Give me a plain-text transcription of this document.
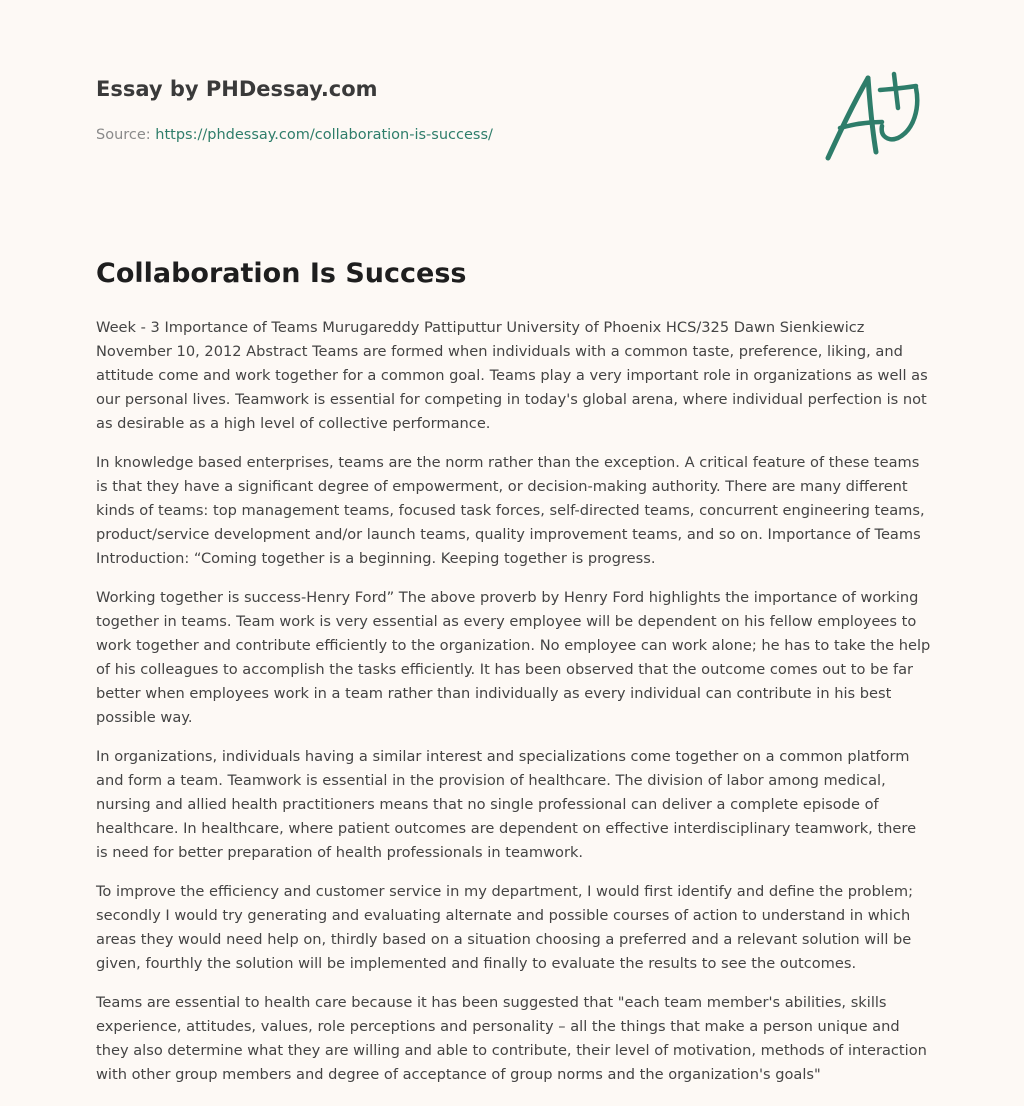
Essay by PHDessay.com
Source: https://phdessay.com/collaboration-is-success/
Collaboration Is Success

Week - 3 Importance of Teams Murugareddy Pattiputtur University of Phoenix HCS/325 Dawn Sienkiewicz November 10, 2012 Abstract Teams are formed when individuals with a common taste, preference, liking, and attitude come and work together for a common goal. Teams play a very important role in organizations as well as our personal lives. Teamwork is essential for competing in today's global arena, where individual perfection is not as desirable as a high level of collective performance.

In knowledge based enterprises, teams are the norm rather than the exception. A critical feature of these teams is that they have a significant degree of empowerment, or decision-making authority. There are many different kinds of teams: top management teams, focused task forces, self-directed teams, concurrent engineering teams, product/service development and/or launch teams, quality improvement teams, and so on. Importance of Teams Introduction: “Coming together is a beginning. Keeping together is progress.

Working together is success-Henry Ford” The above proverb by Henry Ford highlights the importance of working together in teams. Team work is very essential as every employee will be dependent on his fellow employees to work together and contribute efficiently to the organization. No employee can work alone; he has to take the help of his colleagues to accomplish the tasks efficiently. It has been observed that the outcome comes out to be far better when employees work in a team rather than individually as every individual can contribute in his best possible way.

In organizations, individuals having a similar interest and specializations come together on a common platform and form a team. Teamwork is essential in the provision of healthcare. The division of labor among medical, nursing and allied health practitioners means that no single professional can deliver a complete episode of healthcare. In healthcare, where patient outcomes are dependent on effective interdisciplinary teamwork, there is need for better preparation of health professionals in teamwork.

To improve the efficiency and customer service in my department, I would first identify and define the problem; secondly I would try generating and evaluating alternate and possible courses of action to understand in which areas they would need help on, thirdly based on a situation choosing a preferred and a relevant solution will be given, fourthly the solution will be implemented and finally to evaluate the results to see the outcomes.

Teams are essential to health care because it has been suggested that "each team member's abilities, skills experience, attitudes, values, role perceptions and personality – all the things that make a person unique and they also determine what they are willing and able to contribute, their level of motivation, methods of interaction with other group members and degree of acceptance of group norms and the organization's goals"
